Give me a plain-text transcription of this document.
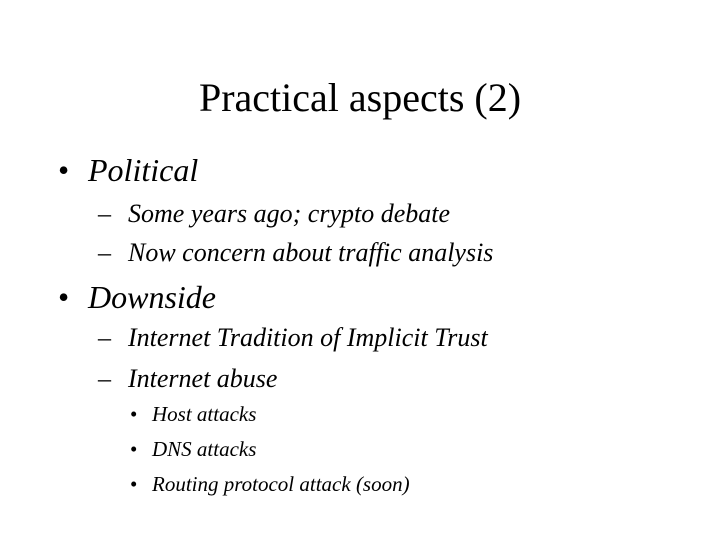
Practical aspects (2)
• Political
– Some years ago; crypto debate
– Now concern about traffic analysis
• Downside
– Internet Tradition of Implicit Trust
– Internet abuse
• Host attacks
• DNS attacks
• Routing protocol attack (soon)
